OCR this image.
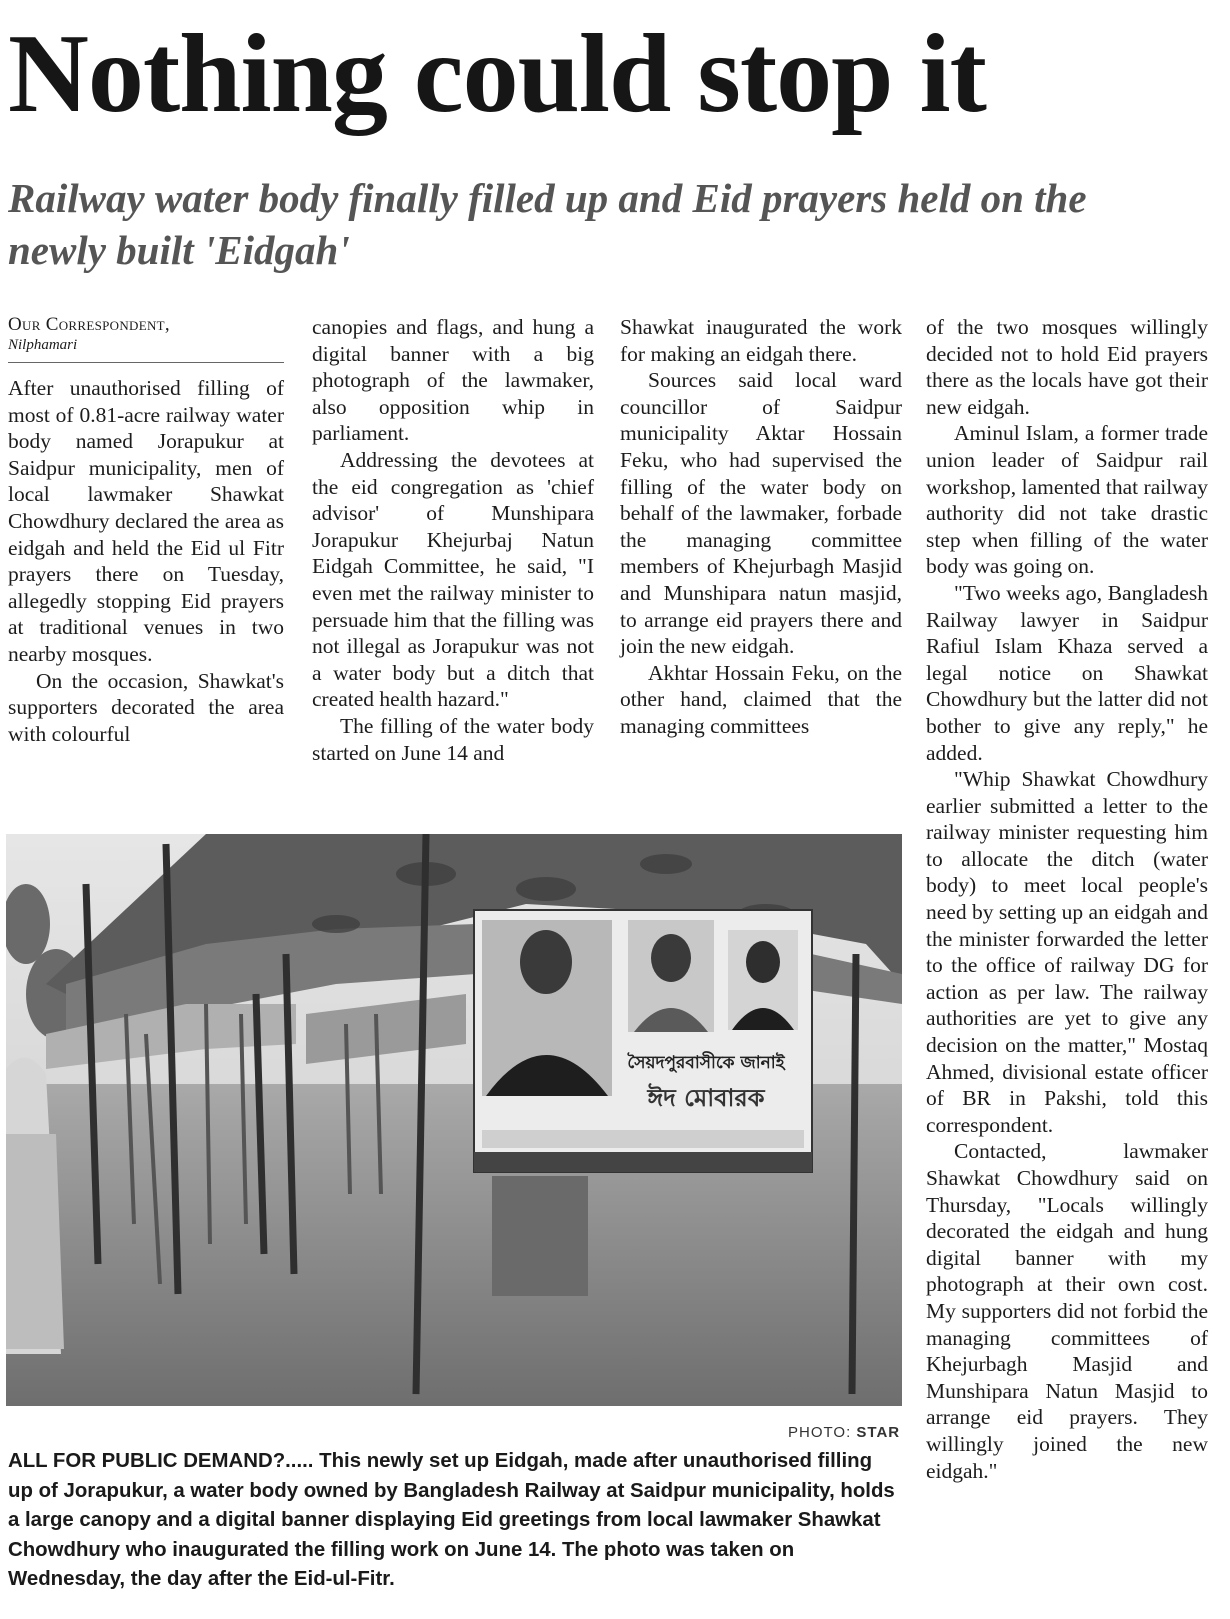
Nothing could stop it
Railway water body finally filled up and Eid prayers held on the newly built 'Eidgah'
Our Correspondent,
Nilphamari

After unauthorised filling of most of 0.81-acre railway water body named Jorapukur at Saidpur municipality, men of local lawmaker Shawkat Chowdhury declared the area as eidgah and held the Eid ul Fitr prayers there on Tuesday, allegedly stopping Eid prayers at traditional venues in two nearby mosques.

On the occasion, Shawkat's supporters decorated the area with colourful

canopies and flags, and hung a digital banner with a big photograph of the lawmaker, also opposition whip in parliament.

Addressing the devotees at the eid congregation as 'chief advisor' of Munshipara Jorapukur Khejurbaj Natun Eidgah Committee, he said, "I even met the railway minister to persuade him that the filling was not illegal as Jorapukur was not a water body but a ditch that created health hazard."

The filling of the water body started on June 14 and

Shawkat inaugurated the work for making an eidgah there.

Sources said local ward councillor of Saidpur municipality Aktar Hossain Feku, who had supervised the filling of the water body on behalf of the lawmaker, forbade the managing committee members of Khejurbagh Masjid and Munshipara natun masjid, to arrange eid prayers there and join the new eidgah.

Akhtar Hossain Feku, on the other hand, claimed that the managing committees

of the two mosques willingly decided not to hold Eid prayers there as the locals have got their new eidgah.

Aminul Islam, a former trade union leader of Saidpur rail workshop, lamented that railway authority did not take drastic step when filling of the water body was going on.

"Two weeks ago, Bangladesh Railway lawyer in Saidpur Rafiul Islam Khaza served a legal notice on Shawkat Chowdhury but the latter did not bother to give any reply," he added.

"Whip Shawkat Chowdhury earlier submitted a letter to the railway minister requesting him to allocate the ditch (water body) to meet local people's need by setting up an eidgah and the minister forwarded the letter to the office of railway DG for action as per law. The railway authorities are yet to give any decision on the matter," Mostaq Ahmed, divisional estate officer of BR in Pakshi, told this correspondent.

Contacted, lawmaker Shawkat Chowdhury said on Thursday, "Locals willingly decorated the eidgah and hung digital banner with my photograph at their own cost. My supporters did not forbid the managing committees of Khejurbagh Masjid and Munshipara Natun Masjid to arrange eid prayers. They willingly joined the new eidgah."

সৈয়দপুরবাসীকে জানাই
ঈদ মোবারক
PHOTO: STAR
ALL FOR PUBLIC DEMAND?..... This newly set up Eidgah, made after unauthorised filling up of Jorapukur, a water body owned by Bangladesh Railway at Saidpur municipality, holds a large canopy and a digital banner displaying Eid greetings from local lawmaker Shawkat Chowdhury who inaugurated the filling work on June 14. The photo was taken on Wednesday, the day after the Eid-ul-Fitr.
